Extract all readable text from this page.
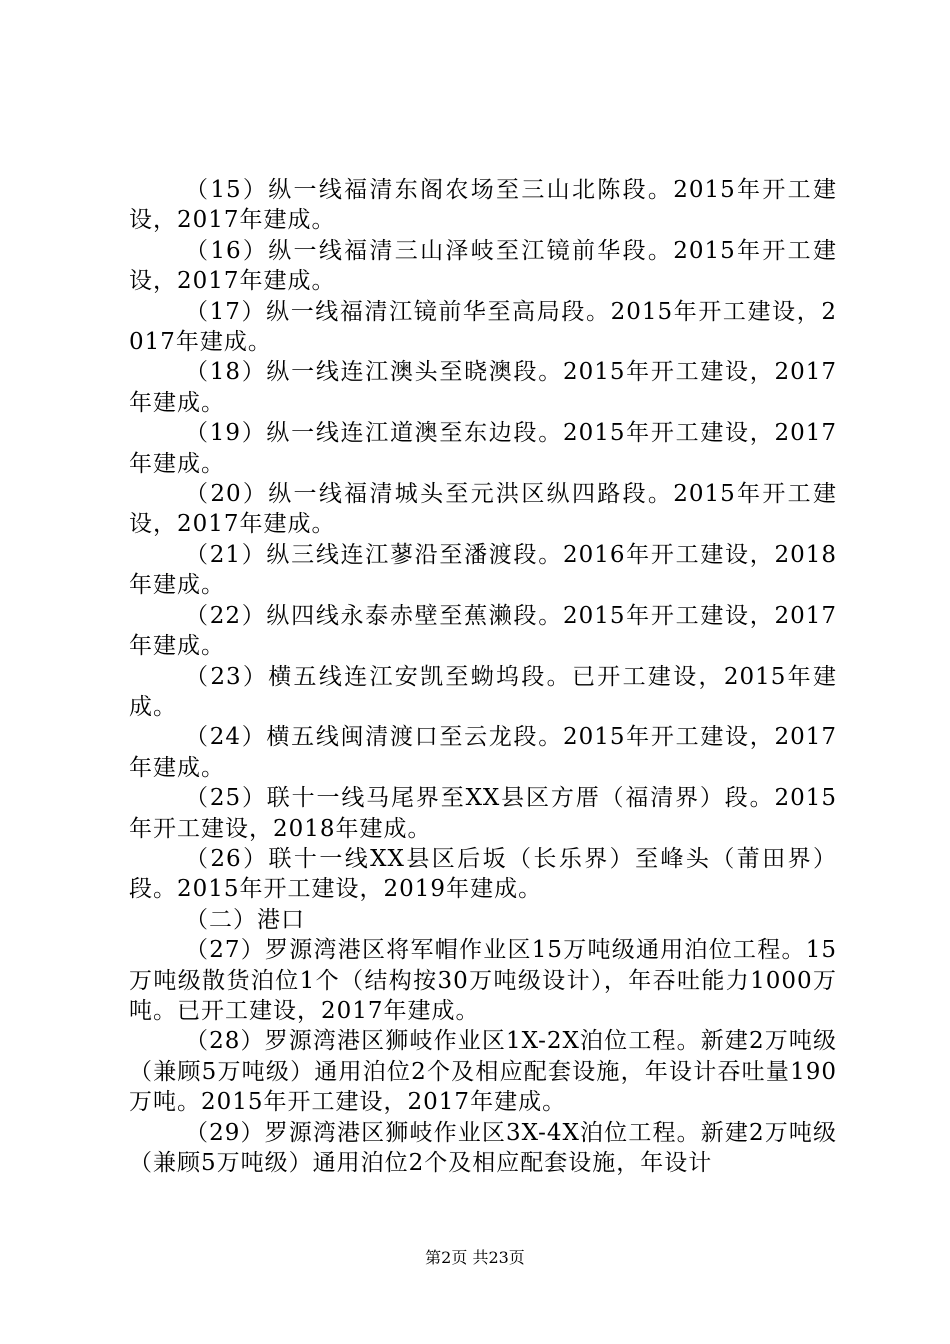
（15）纵一线福清东阁农场至三山北陈段。2015年开工建设，2017年建成。

（16）纵一线福清三山泽岐至江镜前华段。2015年开工建设，2017年建成。

（17）纵一线福清江镜前华至高局段。2015年开工建设，2017年建成。

（18）纵一线连江澳头至晓澳段。2015年开工建设，2017年建成。

（19）纵一线连江道澳至东边段。2015年开工建设，2017年建成。

（20）纵一线福清城头至元洪区纵四路段。2015年开工建设，2017年建成。

（21）纵三线连江蓼沿至潘渡段。2016年开工建设，2018年建成。

（22）纵四线永泰赤壁至蕉濑段。2015年开工建设，2017年建成。

（23）横五线连江安凯至蚴坞段。已开工建设，2015年建成。

（24）横五线闽清渡口至云龙段。2015年开工建设，2017年建成。

（25）联十一线马尾界至XX县区方厝（福清界）段。2015年开工建设，2018年建成。

（26）联十一线XX县区后坂（长乐界）至峰头（莆田界）段。2015年开工建设，2019年建成。

（二）港口

（27）罗源湾港区将军帽作业区15万吨级通用泊位工程。15万吨级散货泊位1个（结构按30万吨级设计），年吞吐能力1000万吨。已开工建设，2017年建成。

（28）罗源湾港区狮岐作业区1X-2X泊位工程。新建2万吨级（兼顾5万吨级）通用泊位2个及相应配套设施，年设计吞吐量190万吨。2015年开工建设，2017年建成。

（29）罗源湾港区狮岐作业区3X-4X泊位工程。新建2万吨级（兼顾5万吨级）通用泊位2个及相应配套设施，年设计

第2页 共23页
